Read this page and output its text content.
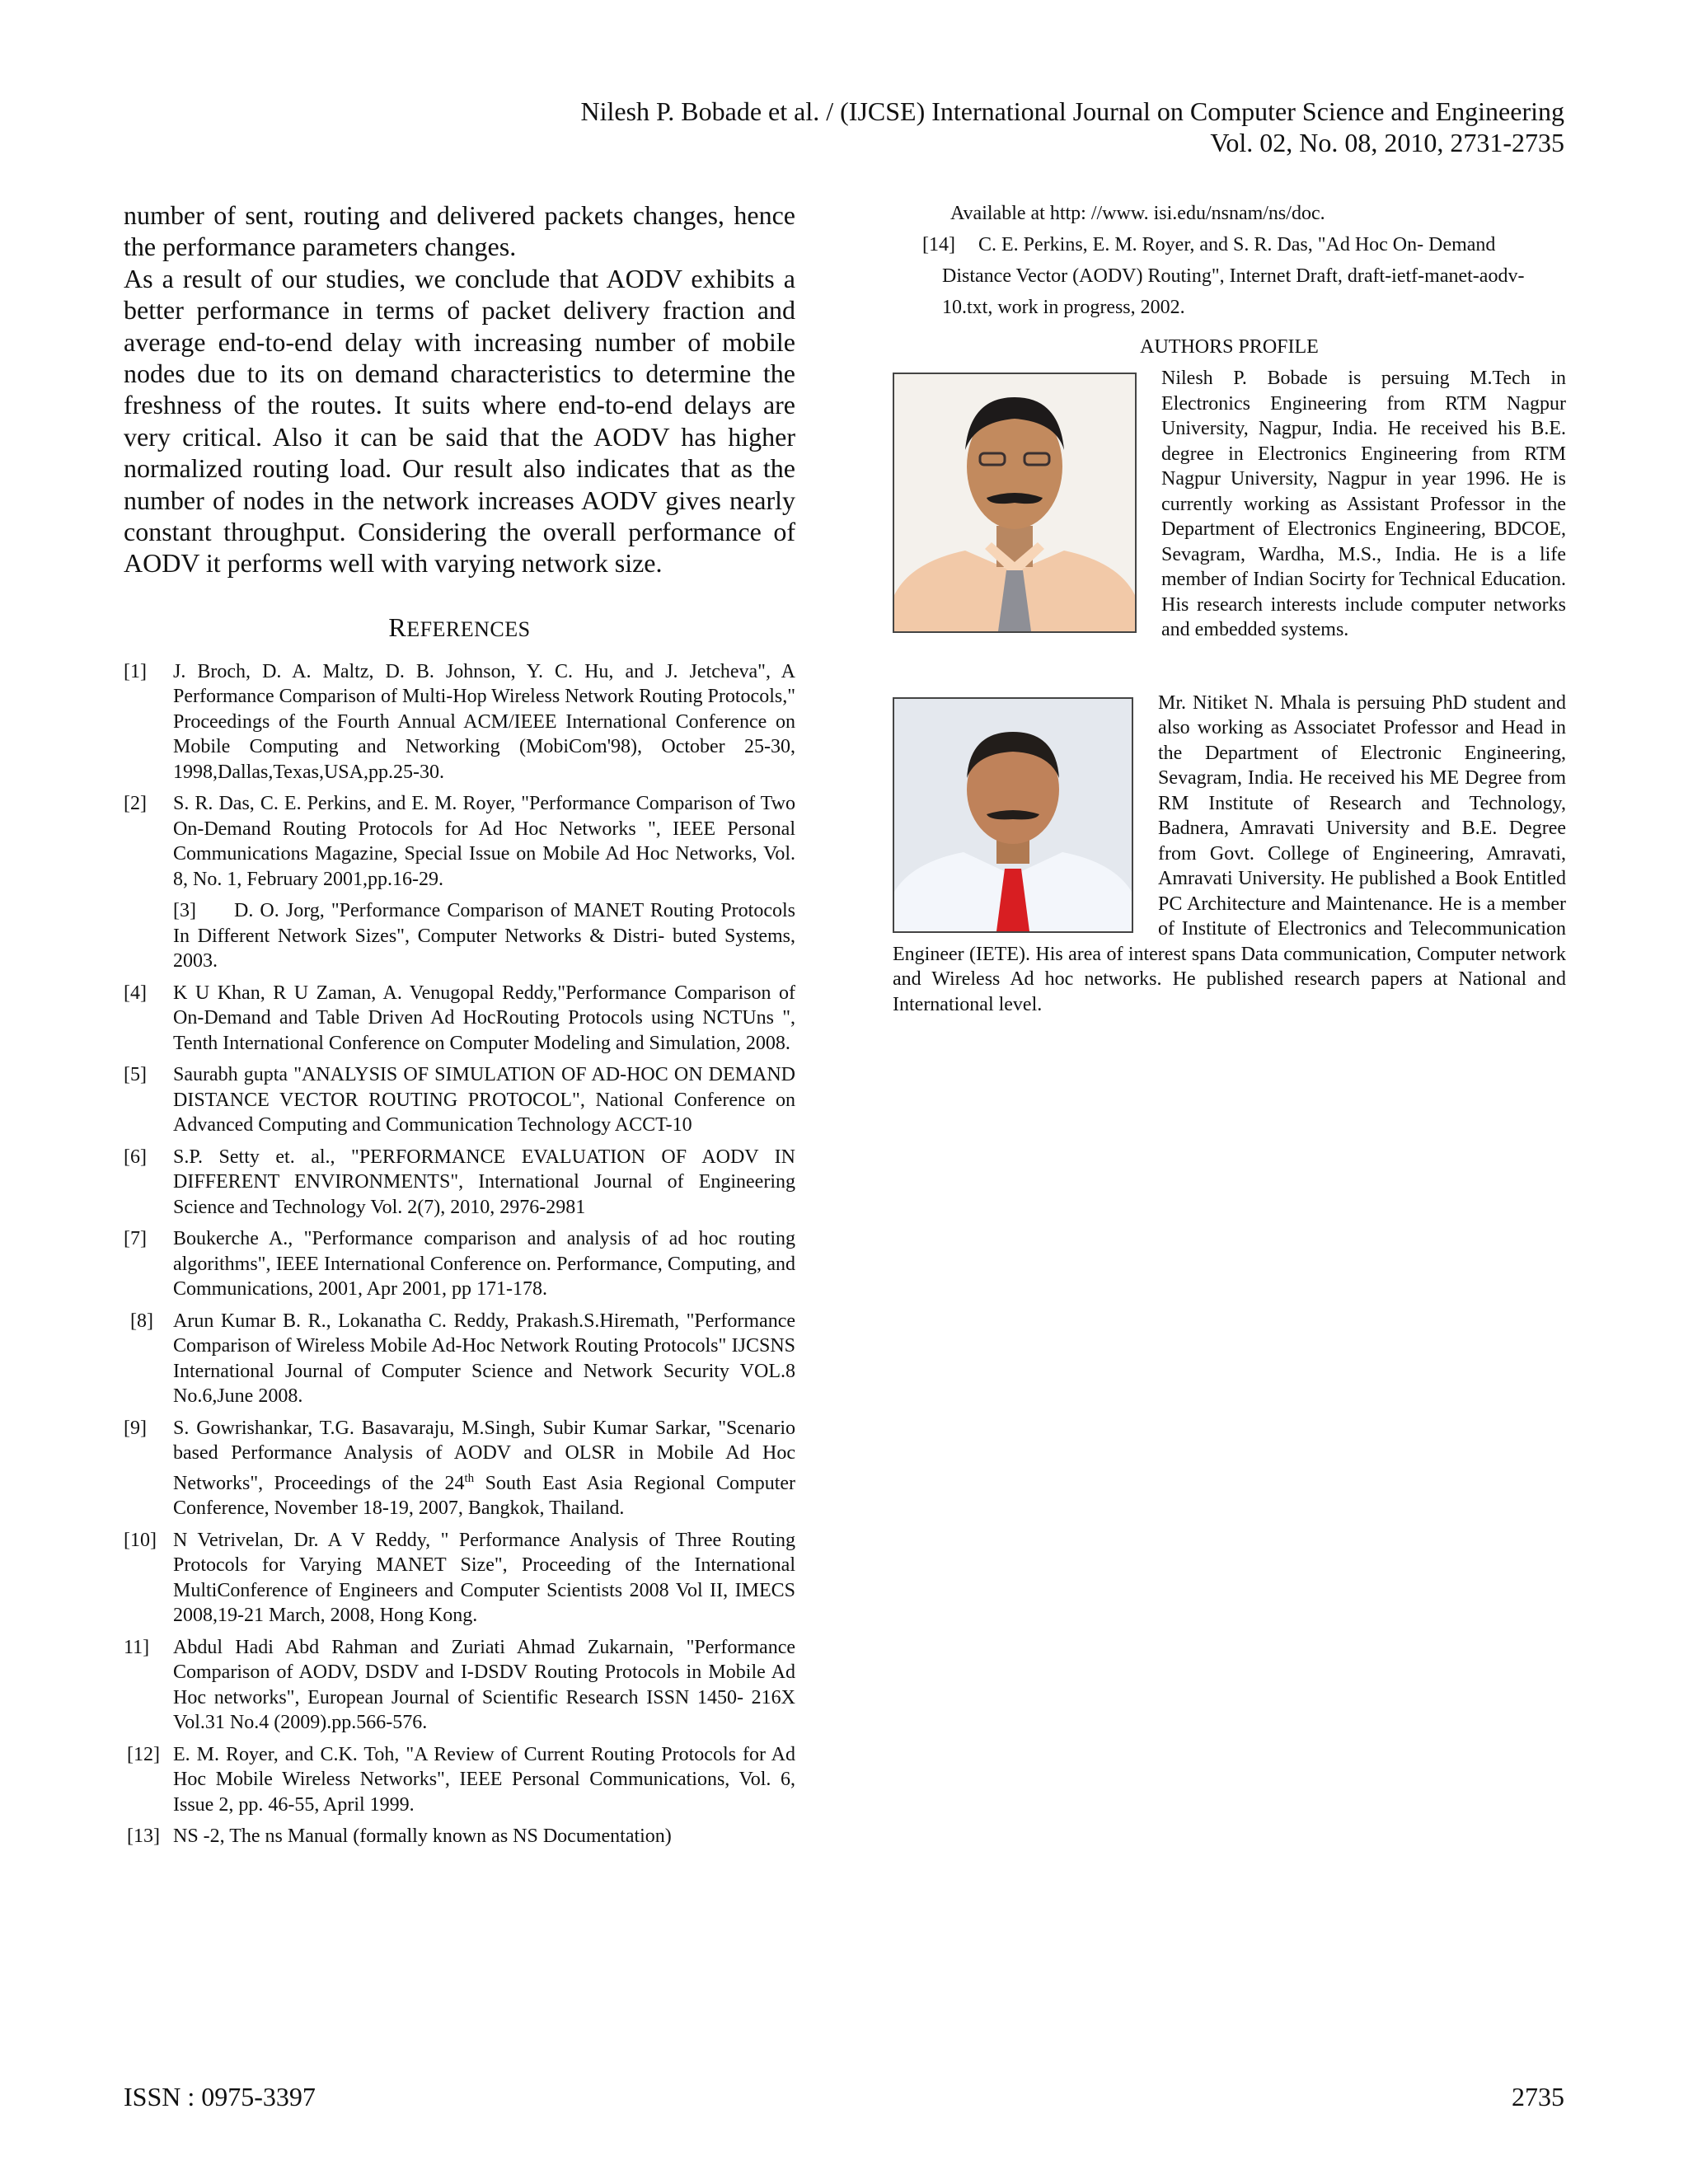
Nilesh P. Bobade et al. / (IJCSE) International Journal on Computer Science and Engineering
Vol. 02, No. 08, 2010, 2731-2735

number of sent, routing and delivered packets changes, hence the performance parameters changes.

As a result of our studies, we conclude that AODV exhibits a better performance in terms of packet delivery fraction and average end-to-end delay with increasing number of mobile nodes due to its on demand characteristics to determine the freshness of the routes. It suits where end-to-end delays are very critical. Also it can be said that the AODV has higher normalized routing load. Our result also indicates that as the number of nodes in the network increases AODV gives nearly constant throughput. Considering the overall performance of AODV it performs well with varying network size.

REFERENCES
[1] J. Broch, D. A. Maltz, D. B. Johnson, Y. C. Hu, and J. Jetcheva", A Performance Comparison of Multi-Hop Wireless Network Routing Protocols," Proceedings of the Fourth Annual ACM/IEEE International Conference on Mobile Computing and Networking (MobiCom'98), October 25-30, 1998,Dallas,Texas,USA,pp.25-30.
[2] S. R. Das, C. E. Perkins, and E. M. Royer, "Performance Comparison of Two On-Demand Routing Protocols for Ad Hoc Networks ", IEEE Personal Communications Magazine, Special Issue on Mobile Ad Hoc Networks, Vol. 8, No. 1, February 2001,pp.16-29.
[3]	D. O. Jorg, "Performance Comparison of MANET Routing Protocols In Different Network Sizes", Computer Networks & Distri- buted Systems, 2003.
[4] K U Khan, R U Zaman, A. Venugopal Reddy,"Performance Comparison of On-Demand and Table Driven Ad HocRouting Protocols using NCTUns ", Tenth International Conference on Computer Modeling and Simulation, 2008.
[5] Saurabh gupta "ANALYSIS OF SIMULATION OF AD-HOC ON DEMAND DISTANCE VECTOR ROUTING PROTOCOL", National Conference on Advanced Computing and Communication Technology ACCT-10
[6] S.P. Setty et. al., "PERFORMANCE EVALUATION OF AODV IN DIFFERENT ENVIRONMENTS", International Journal of Engineering Science and Technology Vol. 2(7), 2010, 2976-2981
[7] Boukerche A., "Performance comparison and analysis of ad hoc routing algorithms", IEEE International Conference on. Performance, Computing, and Communications, 2001, Apr 2001, pp 171-178.
[8] Arun Kumar B. R., Lokanatha C. Reddy, Prakash.S.Hiremath, "Performance Comparison of Wireless Mobile Ad-Hoc Network Routing Protocols" IJCSNS International Journal of Computer Science and Network Security VOL.8 No.6,June 2008.
[9] S. Gowrishankar, T.G. Basavaraju, M.Singh, Subir Kumar Sarkar, "Scenario based Performance Analysis of AODV and OLSR in Mobile Ad Hoc Networks", Proceedings of the 24th South East Asia Regional Computer Conference, November 18-19, 2007, Bangkok, Thailand.
[10] N Vetrivelan, Dr. A V Reddy, " Performance Analysis of Three Routing Protocols for Varying MANET Size", Proceeding of the International MultiConference of Engineers and Computer Scientists 2008 Vol II, IMECS 2008,19-21 March, 2008, Hong Kong.
11] Abdul Hadi Abd Rahman and Zuriati Ahmad Zukarnain, "Performance Comparison of AODV, DSDV and I-DSDV Routing Protocols in Mobile Ad Hoc networks", European Journal of Scientific Research ISSN 1450- 216X Vol.31 No.4 (2009).pp.566-576.
[12] E. M. Royer, and C.K. Toh, "A Review of Current Routing Protocols for Ad Hoc Mobile Wireless Networks", IEEE Personal Communications, Vol. 6, Issue 2, pp. 46-55, April 1999.
[13] NS -2, The ns Manual (formally known as NS Documentation)
Available at http: //www. isi.edu/nsnam/ns/doc.
[14]	C. E. Perkins, E. M. Royer, and S. R. Das, "Ad Hoc On- Demand Distance Vector (AODV) Routing", Internet Draft, draft-ietf-manet-aodv-10.txt, work in progress, 2002.
AUTHORS PROFILE
Nilesh P. Bobade is persuing M.Tech in Electronics Engineering from RTM Nagpur University, Nagpur, India. He received his B.E. degree in Electronics Engineering from RTM Nagpur University, Nagpur in year 1996. He is currently working as Assistant Professor in the Department of Electronics Engineering, BDCOE, Sevagram, Wardha, M.S., India. He is a life member of Indian Socirty for Technical Education. His research interests include computer networks and embedded systems.
Mr. Nitiket N. Mhala is persuing PhD student and also working as Associatet Professor and Head in the Department of Electronic Engineering, Sevagram, India. He received his ME Degree from RM Institute of Research and Technology, Badnera, Amravati University and B.E. Degree from Govt. College of Engineering, Amravati, Amravati University. He published a Book Entitled PC Architecture and Maintenance. He is a member of Institute of Electronics and Telecommunication Engineer (IETE). His area of interest spans Data communication, Computer network and Wireless Ad hoc networks. He published research papers at National and International level.
ISSN : 0975-3397	2735
